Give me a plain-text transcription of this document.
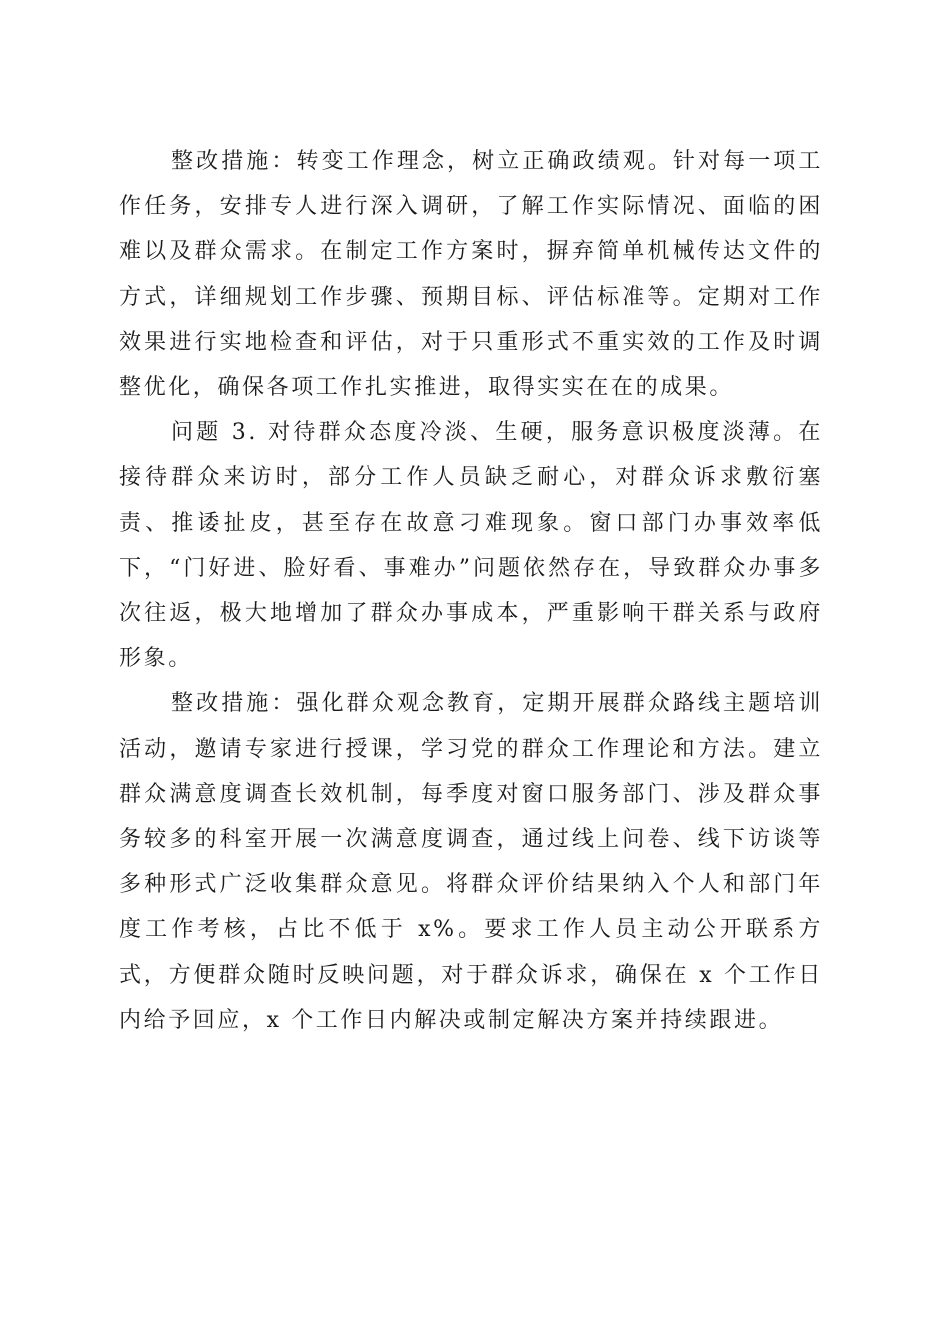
整改措施：转变工作理念，树立正确政绩观。针对每一项工作任务，安排专人进行深入调研，了解工作实际情况、面临的困难以及群众需求。在制定工作方案时，摒弃简单机械传达文件的方式，详细规划工作步骤、预期目标、评估标准等。定期对工作效果进行实地检查和评估，对于只重形式不重实效的工作及时调整优化，确保各项工作扎实推进，取得实实在在的成果。

问题 3. 对待群众态度冷淡、生硬，服务意识极度淡薄。在接待群众来访时，部分工作人员缺乏耐心，对群众诉求敷衍塞责、推诿扯皮，甚至存在故意刁难现象。窗口部门办事效率低下，“门好进、脸好看、事难办”问题依然存在，导致群众办事多次往返，极大地增加了群众办事成本，严重影响干群关系与政府形象。

整改措施：强化群众观念教育，定期开展群众路线主题培训活动，邀请专家进行授课，学习党的群众工作理论和方法。建立群众满意度调查长效机制，每季度对窗口服务部门、涉及群众事务较多的科室开展一次满意度调查，通过线上问卷、线下访谈等多种形式广泛收集群众意见。将群众评价结果纳入个人和部门年度工作考核，占比不低于 x%。要求工作人员主动公开联系方式，方便群众随时反映问题，对于群众诉求，确保在 x 个工作日内给予回应，x 个工作日内解决或制定解决方案并持续跟进。
